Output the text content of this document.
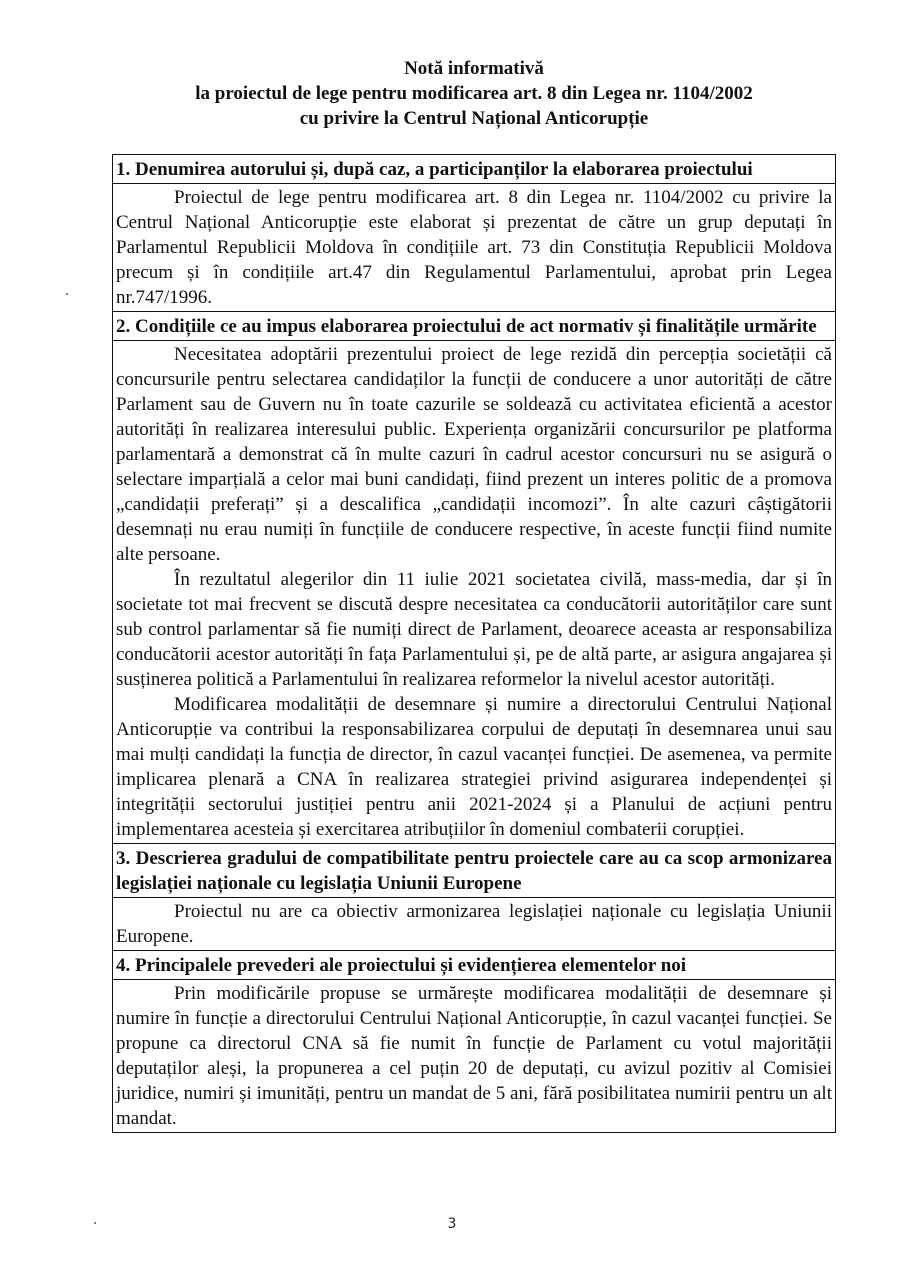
Notă informativă
la proiectul de lege pentru modificarea art. 8 din Legea nr. 1104/2002
cu privire la Centrul Național Anticorupție
1. Denumirea autorului și, după caz, a participanților la elaborarea proiectului

Proiectul de lege pentru modificarea art. 8 din Legea nr. 1104/2002 cu privire la Centrul Național Anticorupție este elaborat și prezentat de către un grup deputați în Parlamentul Republicii Moldova în condițiile art. 73 din Constituția Republicii Moldova precum și în condițiile art.47 din Regulamentul Parlamentului, aprobat prin Legea nr.747/1996.

2. Condițiile ce au impus elaborarea proiectului de act normativ și finalitățile urmărite

Necesitatea adoptării prezentului proiect de lege rezidă din percepția societății că concursurile pentru selectarea candidaților la funcții de conducere a unor autorități de către Parlament sau de Guvern nu în toate cazurile se soldează cu activitatea eficientă a acestor autorități în realizarea interesului public. Experiența organizării concursurilor pe platforma parlamentară a demonstrat că în multe cazuri în cadrul acestor concursuri nu se asigură o selectare imparțială a celor mai buni candidați, fiind prezent un interes politic de a promova „candidații preferați” și a descalifica „candidații incomozi”. În alte cazuri câștigătorii desemnați nu erau numiți în funcțiile de conducere respective, în aceste funcții fiind numite alte persoane.

În rezultatul alegerilor din 11 iulie 2021 societatea civilă, mass-media, dar și în societate tot mai frecvent se discută despre necesitatea ca conducătorii autorităților care sunt sub control parlamentar să fie numiți direct de Parlament, deoarece aceasta ar responsabiliza conducătorii acestor autorități în fața Parlamentului și, pe de altă parte, ar asigura angajarea și susținerea politică a Parlamentului în realizarea reformelor la nivelul acestor autorități.

Modificarea modalității de desemnare și numire a directorului Centrului Național Anticorupție va contribui la responsabilizarea corpului de deputați în desemnarea unui sau mai mulți candidați la funcția de director, în cazul vacanței funcției. De asemenea, va permite implicarea plenară a CNA în realizarea strategiei privind asigurarea independenței și integrității sectorului justiției pentru anii 2021-2024 și a Planului de acțiuni pentru implementarea acesteia și exercitarea atribuțiilor în domeniul combaterii corupției.

3. Descrierea gradului de compatibilitate pentru proiectele care au ca scop armonizarea legislației naționale cu legislația Uniunii Europene

Proiectul nu are ca obiectiv armonizarea legislației naționale cu legislația Uniunii Europene.

4. Principalele prevederi ale proiectului și evidențierea elementelor noi

Prin modificările propuse se urmărește modificarea modalității de desemnare și numire în funcție a directorului Centrului Național Anticorupție, în cazul vacanței funcției. Se propune ca directorul CNA să fie numit în funcție de Parlament cu votul majorității deputaților aleși, la propunerea a cel puțin 20 de deputați, cu avizul pozitiv al Comisiei juridice, numiri și imunități, pentru un mandat de 5 ani, fără posibilitatea numirii pentru un alt mandat.

3
